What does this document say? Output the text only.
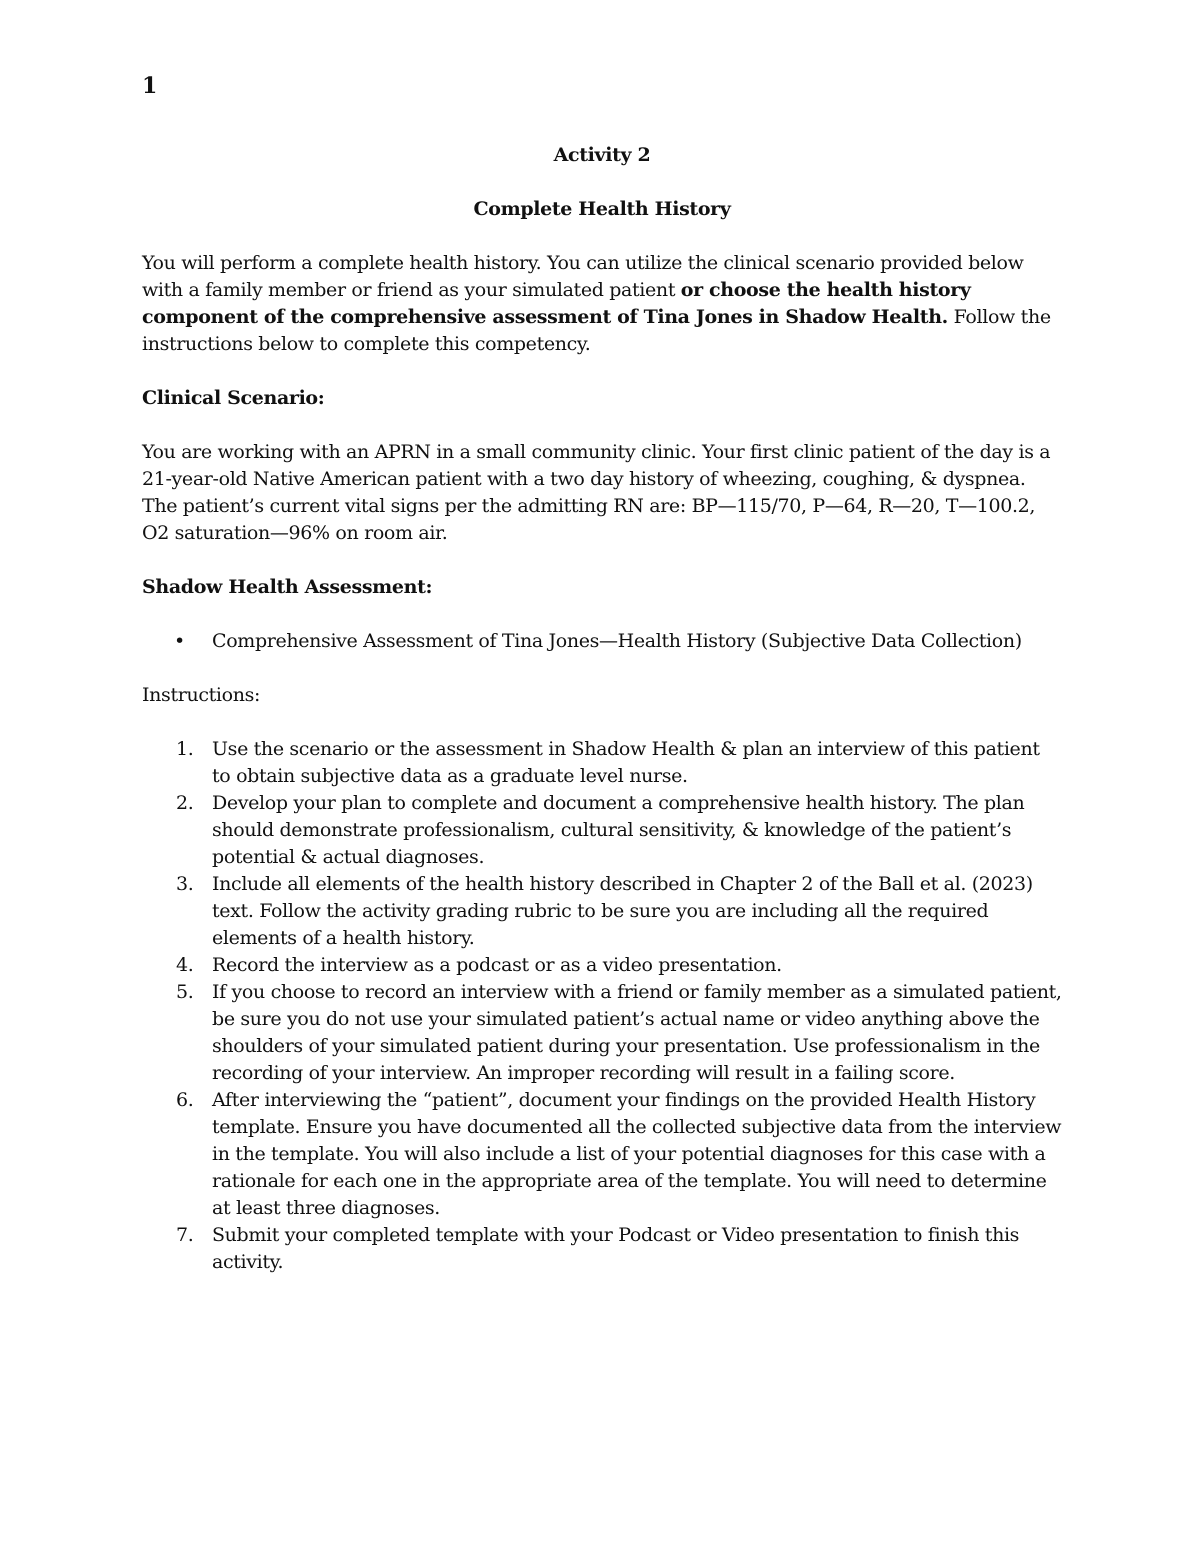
1

Activity 2

Complete Health History

You will perform a complete health history. You can utilize the clinical scenario provided below with a family member or friend as your simulated patient or choose the health history component of the comprehensive assessment of Tina Jones in Shadow Health. Follow the instructions below to complete this competency.

Clinical Scenario:

You are working with an APRN in a small community clinic. Your first clinic patient of the day is a 21-year-old Native American patient with a two day history of wheezing, coughing, & dyspnea. The patient’s current vital signs per the admitting RN are: BP—115/70, P—64, R—20, T—100.2, O2 saturation—96% on room air.

Shadow Health Assessment:

• Comprehensive Assessment of Tina Jones—Health History (Subjective Data Collection)

Instructions:

1. Use the scenario or the assessment in Shadow Health & plan an interview of this patient to obtain subjective data as a graduate level nurse.
2. Develop your plan to complete and document a comprehensive health history. The plan should demonstrate professionalism, cultural sensitivity, & knowledge of the patient’s potential & actual diagnoses.
3. Include all elements of the health history described in Chapter 2 of the Ball et al. (2023) text. Follow the activity grading rubric to be sure you are including all the required elements of a health history.
4. Record the interview as a podcast or as a video presentation.
5. If you choose to record an interview with a friend or family member as a simulated patient, be sure you do not use your simulated patient’s actual name or video anything above the shoulders of your simulated patient during your presentation. Use professionalism in the recording of your interview. An improper recording will result in a failing score.
6. After interviewing the “patient”, document your findings on the provided Health History template. Ensure you have documented all the collected subjective data from the interview in the template. You will also include a list of your potential diagnoses for this case with a rationale for each one in the appropriate area of the template. You will need to determine at least three diagnoses.
7. Submit your completed template with your Podcast or Video presentation to finish this activity.
